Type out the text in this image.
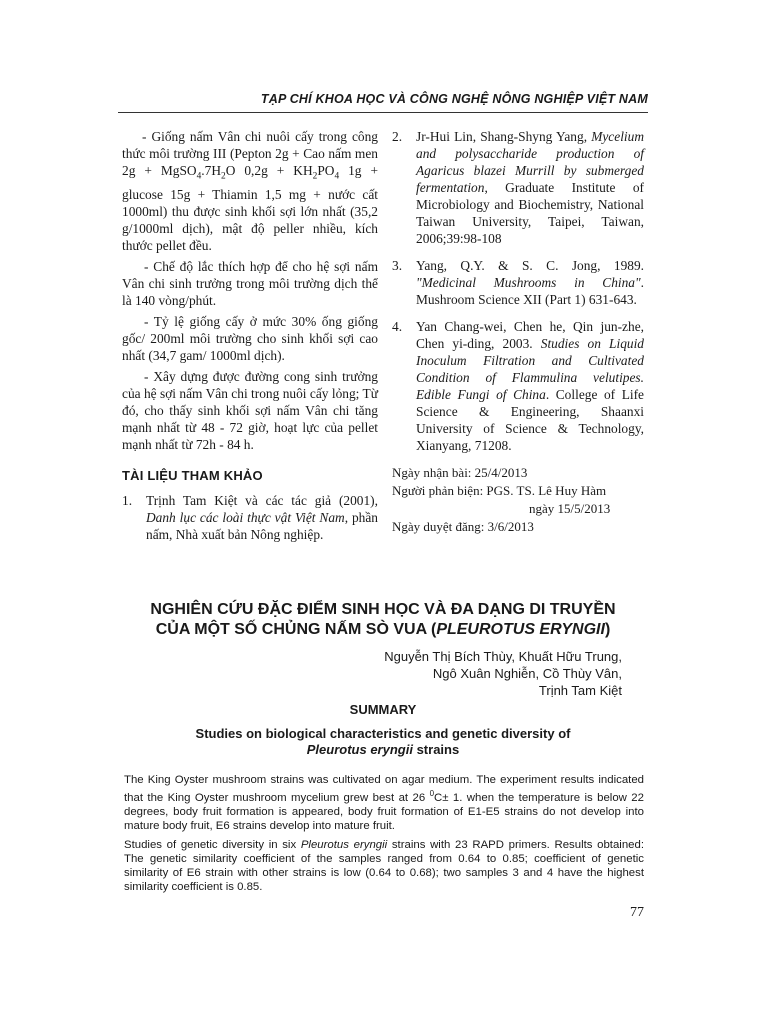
TẠP CHÍ KHOA HỌC VÀ CÔNG NGHỆ NÔNG NGHIỆP VIỆT NAM

- Giống nấm Vân chi nuôi cấy trong công thức môi trường III (Pepton 2g + Cao nấm men $2g + MgSO_4.7H_2O$ $0,2g + KH_2PO_4$ 1g + glucose 15g + Thiamin 1,5 mg + nước cất 1000ml) thu được sinh khối sợi lớn nhất (35,2 g/1000ml dịch), mật độ peller nhiều, kích thước pellet đều.

- Chế độ lắc thích hợp để cho hệ sợi nấm Vân chi sinh trưởng trong môi trường dịch thể là 140 vòng/phút.

- Tỷ lệ giống cấy ở mức 30% ống giống gốc/ 200ml môi trường cho sinh khối sợi cao nhất (34,7 gam/ 1000ml dịch).

- Xây dựng được đường cong sinh trưởng của hệ sợi nấm Vân chi trong nuôi cấy lỏng; Từ đó, cho thấy sinh khối sợi nấm Vân chi tăng mạnh nhất từ 48 - 72 giờ, hoạt lực của pellet mạnh nhất từ 72h - 84 h.

TÀI LIỆU THAM KHẢO
1.	Trịnh Tam Kiệt và các tác giả (2001), Danh lục các loài thực vật Việt Nam, phần nấm, Nhà xuất bản Nông nghiệp.
2.	Jr-Hui Lin, Shang-Shyng Yang, Mycelium and polysaccharide production of Agaricus blazei Murrill by submerged fermentation, Graduate Institute of Microbiology and Biochemistry, National Taiwan University, Taipei, Taiwan, 2006;39:98-108
3.	Yang, Q.Y. & S. C. Jong, 1989. "Medicinal Mushrooms in China". Mushroom Science XII (Part 1) 631-643.
4.	Yan Chang-wei, Chen he, Qin jun-zhe, Chen yi-ding, 2003. Studies on Liquid Inoculum Filtration and Cultivated Condition of Flammulina velutipes. Edible Fungi of China. College of Life Science & Engineering, Shaanxi University of Science & Technology, Xianyang, 71208.
Ngày nhận bài: 25/4/2013
Người phản biện: PGS. TS. Lê Huy Hàm
ngày 15/5/2013
Ngày duyệt đăng: 3/6/2013
NGHIÊN CỨU ĐẶC ĐIỂM SINH HỌC VÀ ĐA DẠNG DI TRUYỀN
CỦA MỘT SỐ CHỦNG NẤM SÒ VUA (PLEUROTUS ERYNGII)
Nguyễn Thị Bích Thùy, Khuất Hữu Trung,
Ngô Xuân Nghiễn, Cồ Thùy Vân,
Trịnh Tam Kiệt
SUMMARY
Studies on biological characteristics and genetic diversity of
Pleurotus eryngii strains

The King Oyster mushroom strains was cultivated on agar medium. The experiment results indicated that the King Oyster mushroom mycelium grew best at 26 $^0$C± 1. when the temperature is below 22 degrees, body fruit formation is appeared, body fruit formation of E1-E5 strains do not develop into mature body fruit, E6 strains develop into mature fruit.

Studies of genetic diversity in six Pleurotus eryngii strains with 23 RAPD primers. Results obtained: The genetic similarity coefficient of the samples ranged from 0.64 to 0.85; coefficient of genetic similarity of E6 strain with other strains is low (0.64 to 0.68); two samples 3 and 4 have the highest similarity coefficient is 0.85.

77
